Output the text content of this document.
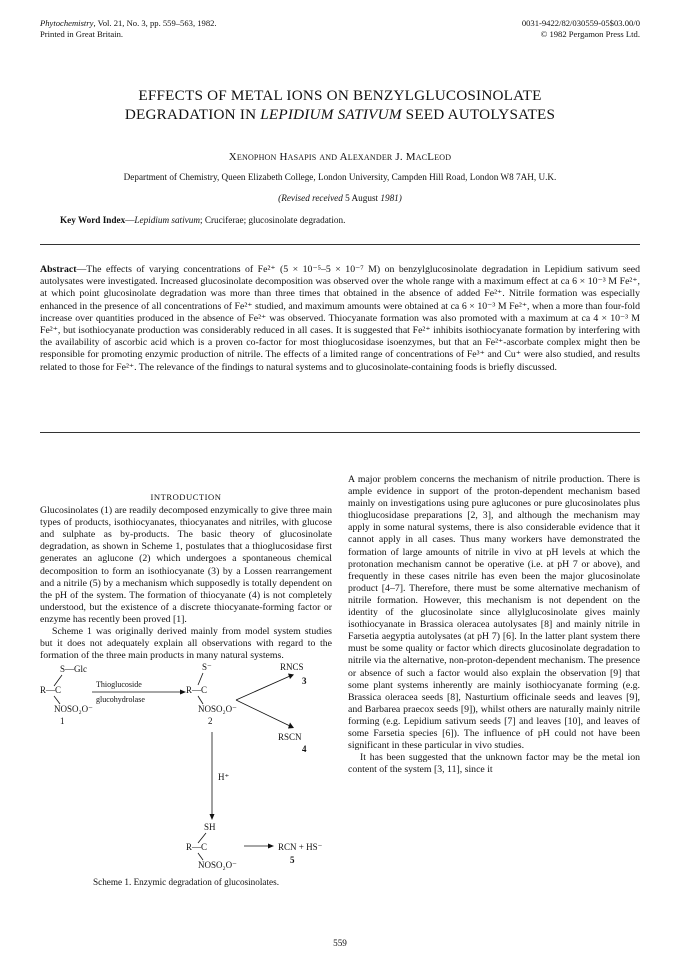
Phytochemistry, Vol. 21, No. 3, pp. 559–563, 1982.
Printed in Great Britain.
0031-9422/82/030559-05$03.00/0
© 1982 Pergamon Press Ltd.
EFFECTS OF METAL IONS ON BENZYLGLUCOSINOLATE
DEGRADATION IN LEPIDIUM SATIVUM SEED AUTOLYSATES
Xenophon Hasapis and Alexander J. MacLeod
Department of Chemistry, Queen Elizabeth College, London University, Campden Hill Road, London W8 7AH, U.K.
(Revised received 5 August 1981)
Key Word Index—Lepidium sativum; Cruciferae; glucosinolate degradation.
Abstract—The effects of varying concentrations of Fe²⁺ (5 × 10⁻⁵–5 × 10⁻⁷ M) on benzylglucosinolate degradation in Lepidium sativum seed autolysates were investigated. Increased glucosinolate decomposition was observed over the whole range with a maximum effect at ca 6 × 10⁻³ M Fe²⁺, at which point glucosinolate degradation was more than three times that obtained in the absence of added Fe²⁺. Nitrile formation was especially enhanced in the presence of all concentrations of Fe²⁺ studied, and maximum amounts were obtained at ca 6 × 10⁻³ M Fe²⁺, when a more than four-fold increase over quantities produced in the absence of Fe²⁺ was observed. Thiocyanate formation was also promoted with a maximum at ca 4 × 10⁻³ M Fe²⁺, but isothiocyanate production was considerably reduced in all cases. It is suggested that Fe²⁺ inhibits isothiocyanate formation by interfering with the availability of ascorbic acid which is a proven co-factor for most thioglucosidase isoenzymes, but that an Fe²⁺-ascorbate complex might then be responsible for promoting enzymic production of nitrile. The effects of a limited range of concentrations of Fe³⁺ and Cu⁺ were also studied, and results related to those for Fe²⁺. The relevance of the findings to natural systems and to glucosinolate-containing foods is briefly discussed.
INTRODUCTION

Glucosinolates (1) are readily decomposed enzymically to give three main types of products, isothiocyanates, thiocyanates and nitriles, with glucose and sulphate as by-products. The basic theory of glucosinolate degradation, as shown in Scheme 1, postulates that a thioglucosidase first generates an aglucone (2) which undergoes a spontaneous chemical decomposition to form an isothiocyanate (3) by a Lossen rearrangement and a nitrile (5) by a mechanism which supposedly is totally dependent on the pH of the system. The formation of thiocyanate (4) is not completely understood, but the existence of a discrete thiocyanate-forming factor or enzyme has recently been proved [1].

Scheme 1 was originally derived mainly from model system studies but it does not adequately explain all observations with regard to the formation of the three main products in many natural systems.

S—Glc
R—C
NOSO₂O⁻
1
Thioglucoside
glucohydrolase
S⁻
R—C
NOSO₂O⁻
2
RNCS
3
RSCN
4
H⁺
SH
R—C
NOSO₂O⁻
RCN + HS⁻
5
Scheme 1. Enzymic degradation of glucosinolates.

A major problem concerns the mechanism of nitrile production. There is ample evidence in support of the proton-dependent mechanism based mainly on investigations using pure aglucones or pure glucosinolates plus thioglucosidase preparations [2, 3], and although the mechanism may apply in some natural systems, there is also considerable evidence that it cannot apply in all cases. Thus many workers have demonstrated the formation of large amounts of nitrile in vivo at pH levels at which the protonation mechanism cannot be operative (i.e. at pH 7 or above), and frequently in these cases nitrile has even been the major glucosinolate product [4–7]. Therefore, there must be some alternative mechanism of nitrile formation. However, this mechanism is not dependent on the identity of the glucosinolate since allylglucosinolate gives mainly isothiocyanate in Brassica oleracea autolysates [8] and mainly nitrile in Farsetia aegyptia autolysates (at pH 7) [6]. In the latter plant system there must be some quality or factor which directs glucosinolate degradation to nitrile via the alternative, non-proton-dependent mechanism. The presence or absence of such a factor would also explain the observation [9] that some plant systems inherently are mainly isothiocyanate forming (e.g. Brassica oleracea seeds [8], Nasturtium officinale seeds and leaves [9], and Barbarea praecox seeds [9]), whilst others are naturally mainly nitrile forming (e.g. Lepidium sativum seeds [7] and leaves [10], and leaves of some Farsetia species [6]). The influence of pH could not have been significant in these particular in vivo studies.

It has been suggested that the unknown factor may be the metal ion content of the system [3, 11], since it

559
